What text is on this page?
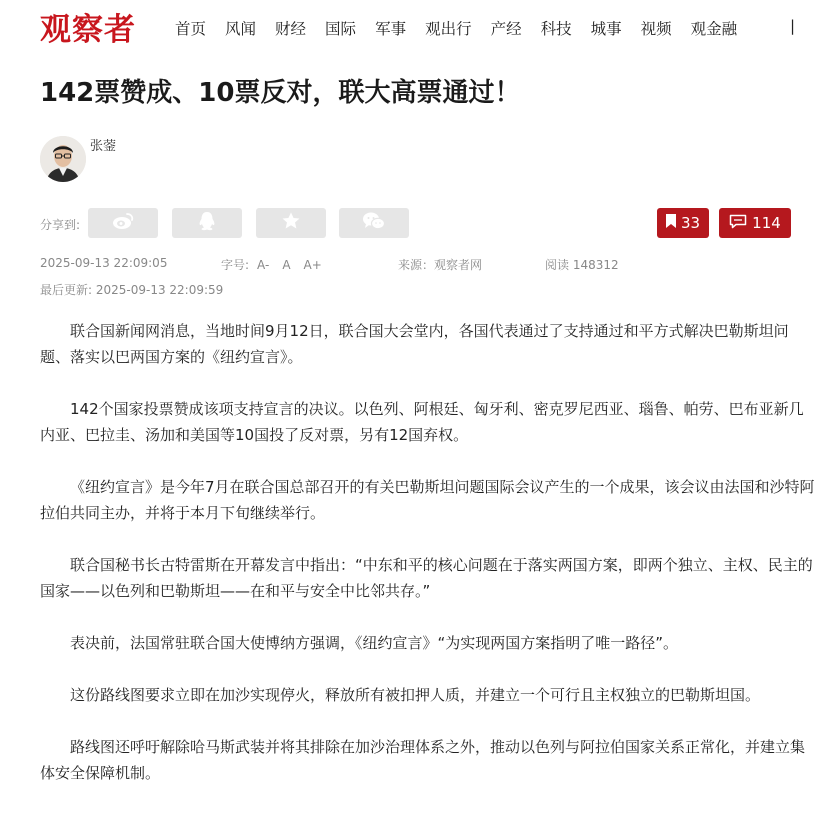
观察者	首页 风闻 财经 国际 军事 观出行 产经 科技 城事 视频 观金融	|
142票赞成、10票反对，联大高票通过！
张蓥
分享到:	33	114
2025-09-13 22:09:05	字号: A- A A+	来源：观察者网	阅读 148312
最后更新: 2025-09-13 22:09:59

联合国新闻网消息，当地时间9月12日，联合国大会堂内，各国代表通过了支持通过和平方式解决巴勒斯坦问题、落实以巴两国方案的《纽约宣言》。

142个国家投票赞成该项支持宣言的决议。以色列、阿根廷、匈牙利、密克罗尼西亚、瑙鲁、帕劳、巴布亚新几内亚、巴拉圭、汤加和美国等10国投了反对票，另有12国弃权。

《纽约宣言》是今年7月在联合国总部召开的有关巴勒斯坦问题国际会议产生的一个成果，该会议由法国和沙特阿拉伯共同主办，并将于本月下旬继续举行。

联合国秘书长古特雷斯在开幕发言中指出：“中东和平的核心问题在于落实两国方案，即两个独立、主权、民主的国家——以色列和巴勒斯坦——在和平与安全中比邻共存。”

表决前，法国常驻联合国大使博纳方强调，《纽约宣言》“为实现两国方案指明了唯一路径”。

这份路线图要求立即在加沙实现停火，释放所有被扣押人质，并建立一个可行且主权独立的巴勒斯坦国。

路线图还呼吁解除哈马斯武装并将其排除在加沙治理体系之外，推动以色列与阿拉伯国家关系正常化，并建立集体安全保障机制。
